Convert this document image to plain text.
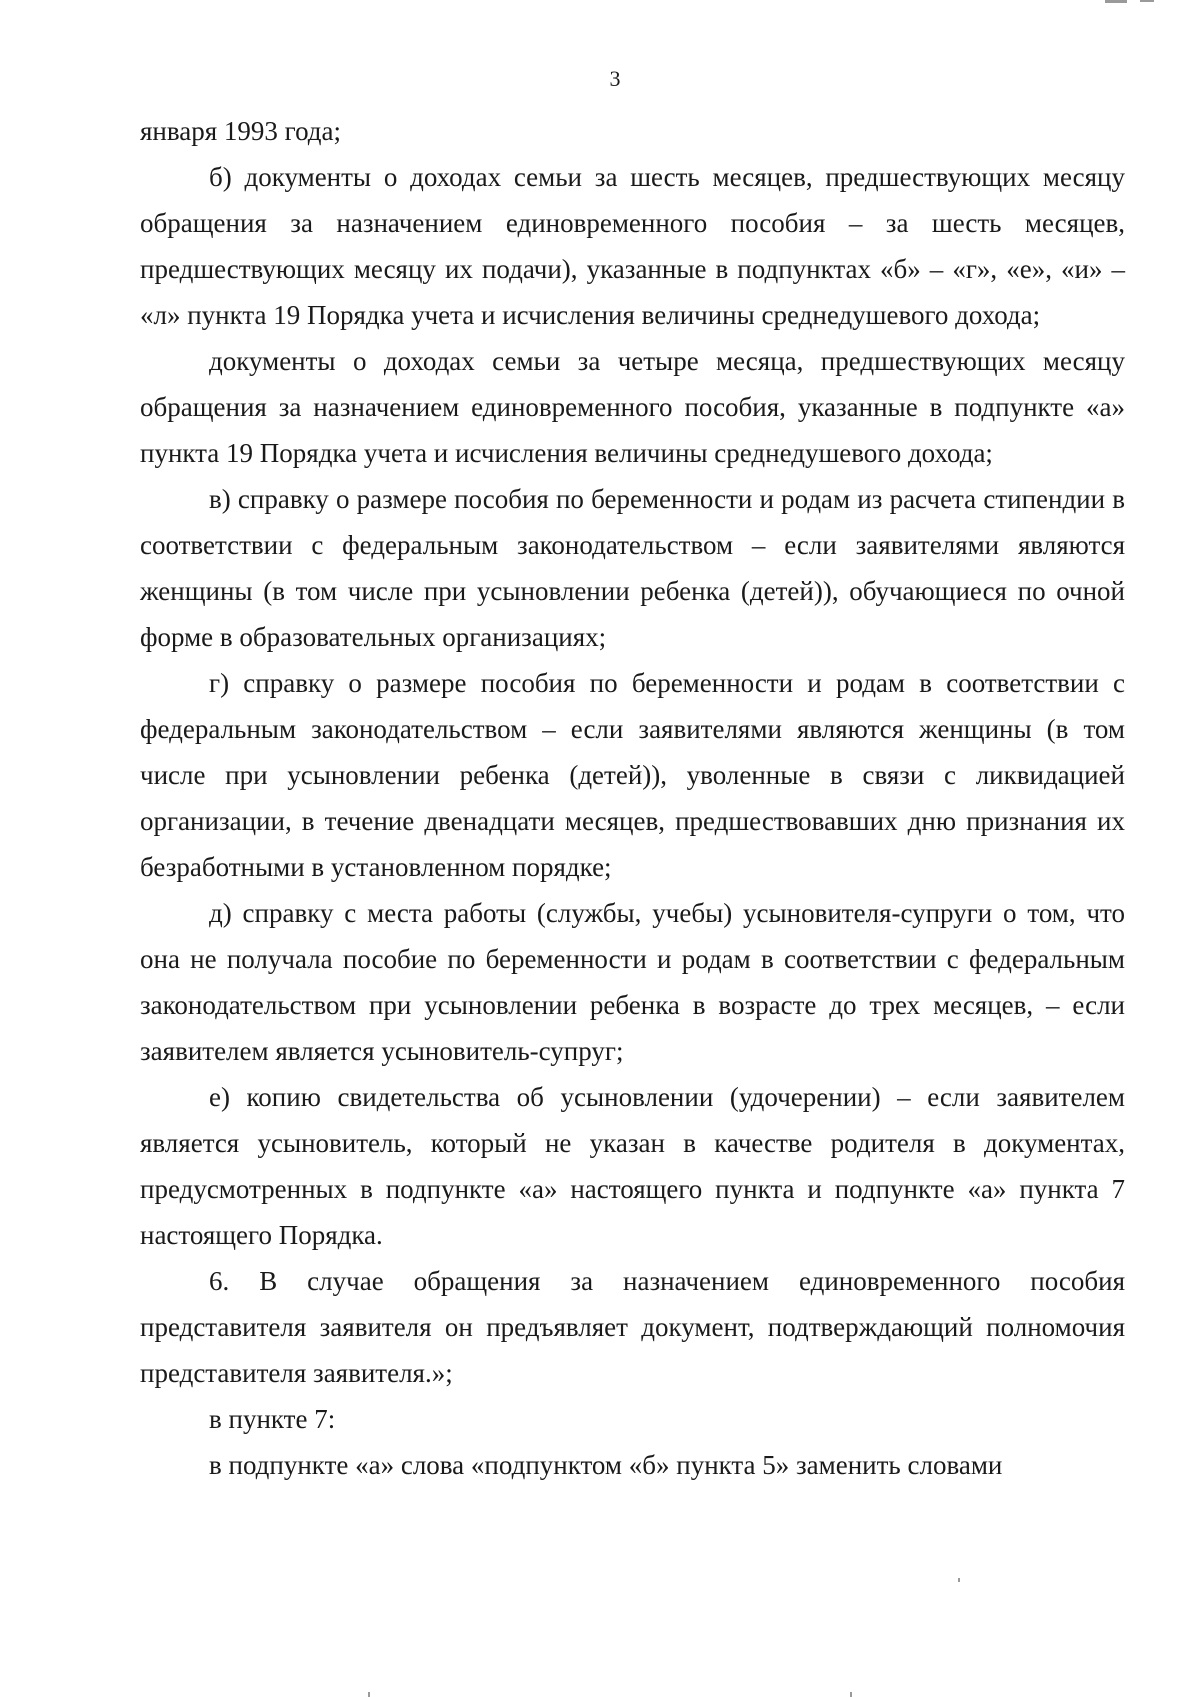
3

января 1993 года;

б) документы о доходах семьи за шесть месяцев, предшествующих месяцу обращения за назначением единовременного пособия – за шесть месяцев, предшествующих месяцу их подачи), указанные в подпунктах «б» – «г», «е», «и» – «л» пункта 19 Порядка учета и исчисления величины среднедушевого дохода;

документы о доходах семьи за четыре месяца, предшествующих месяцу обращения за назначением единовременного пособия, указанные в подпункте «а» пункта 19 Порядка учета и исчисления величины среднедушевого дохода;

в) справку о размере пособия по беременности и родам из расчета стипендии в соответствии с федеральным законодательством – если заявителями являются женщины (в том числе при усыновлении ребенка (детей)), обучающиеся по очной форме в образовательных организациях;

г) справку о размере пособия по беременности и родам в соответствии с федеральным законодательством – если заявителями являются женщины (в том числе при усыновлении ребенка (детей)), уволенные в связи с ликвидацией организации, в течение двенадцати месяцев, предшествовавших дню признания их безработными в установленном порядке;

д) справку с места работы (службы, учебы) усыновителя-супруги о том, что она не получала пособие по беременности и родам в соответствии с федеральным законодательством при усыновлении ребенка в возрасте до трех месяцев, – если заявителем является усыновитель-супруг;

е) копию свидетельства об усыновлении (удочерении) – если заявителем является усыновитель, который не указан в качестве родителя в документах, предусмотренных в подпункте «а» настоящего пункта и подпункте «а» пункта 7 настоящего Порядка.

6. В случае обращения за назначением единовременного пособия представителя заявителя он предъявляет документ, подтверждающий полномочия представителя заявителя.»;

в пункте 7:

в подпункте «а» слова «подпунктом «б» пункта 5» заменить словами
